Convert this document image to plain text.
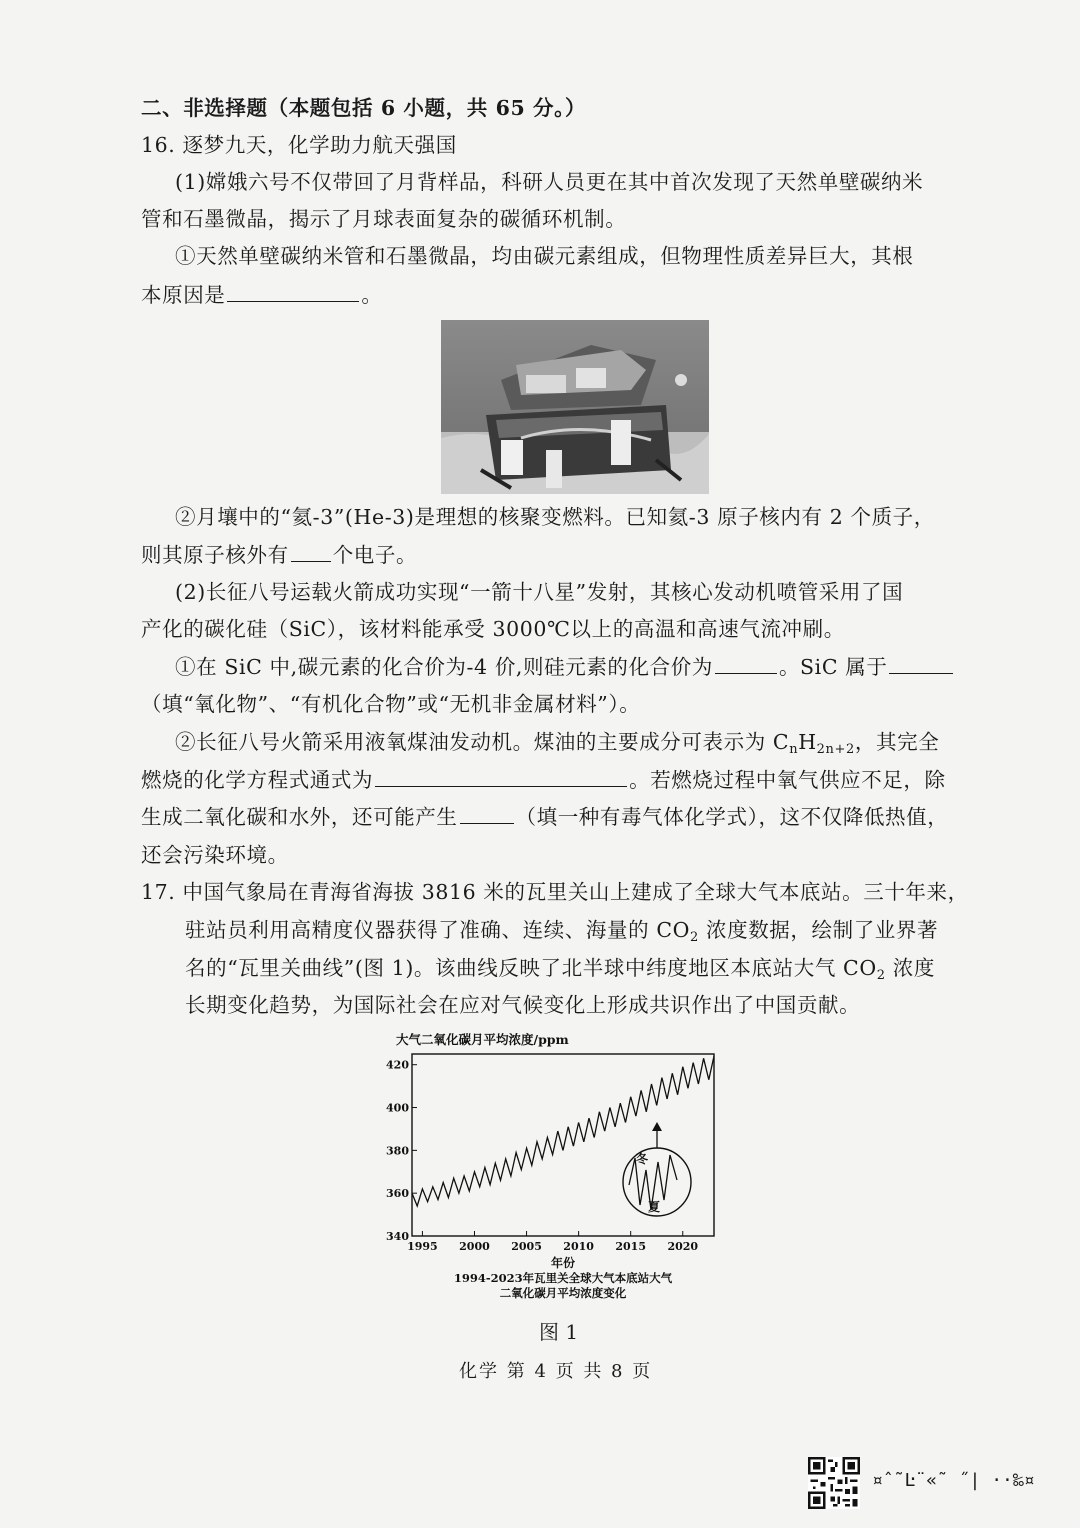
二、非选择题（本题包括 6 小题，共 65 分。）
16. 逐梦九天，化学助力航天强国
(1)嫦娥六号不仅带回了月背样品，科研人员更在其中首次发现了天然单壁碳纳米
管和石墨微晶，揭示了月球表面复杂的碳循环机制。
①天然单壁碳纳米管和石墨微晶，均由碳元素组成，但物理性质差异巨大，其根
本原因是	。
②月壤中的“氦-3”(He-3)是理想的核聚变燃料。已知氦-3 原子核内有 2 个质子，
则其原子核外有 个电子。
(2)长征八号运载火箭成功实现“一箭十八星”发射，其核心发动机喷管采用了国
产化的碳化硅（SiC），该材料能承受 3000℃以上的高温和高速气流冲刷。
①在 SiC 中,碳元素的化合价为-4 价,则硅元素的化合价为	。SiC 属于
（填“氧化物”、“有机化合物”或“无机非金属材料”）。
②长征八号火箭采用液氧煤油发动机。煤油的主要成分可表示为 $C_nH_{2n+2}$，其完全
燃烧的化学方程式通式为	。若燃烧过程中氧气供应不足，除
生成二氧化碳和水外，还可能产生	（填一种有毒气体化学式），这不仅降低热值，
还会污染环境。
17. 中国气象局在青海省海拔 3816 米的瓦里关山上建成了全球大气本底站。三十年来，
驻站员利用高精度仪器获得了准确、连续、海量的 $CO_2$ 浓度数据，绘制了业界著
名的“瓦里关曲线”(图 1)。该曲线反映了北半球中纬度地区本底站大气 $CO_2$ 浓度
长期变化趋势，为国际社会在应对气候变化上形成共识作出了中国贡献。
大气二氧化碳月平均浓度/ppm
340
360
380
400
420
1995 2000 2005 2010 2015 2020
冬
夏
年份
1994-2023年瓦里关全球大气本底站大气
二氧化碳月平均浓度变化
图 1
化学 第 4 页 共 8 页
¤ˆ˜Ŀ¨«˜ ˝| ··‰¤
